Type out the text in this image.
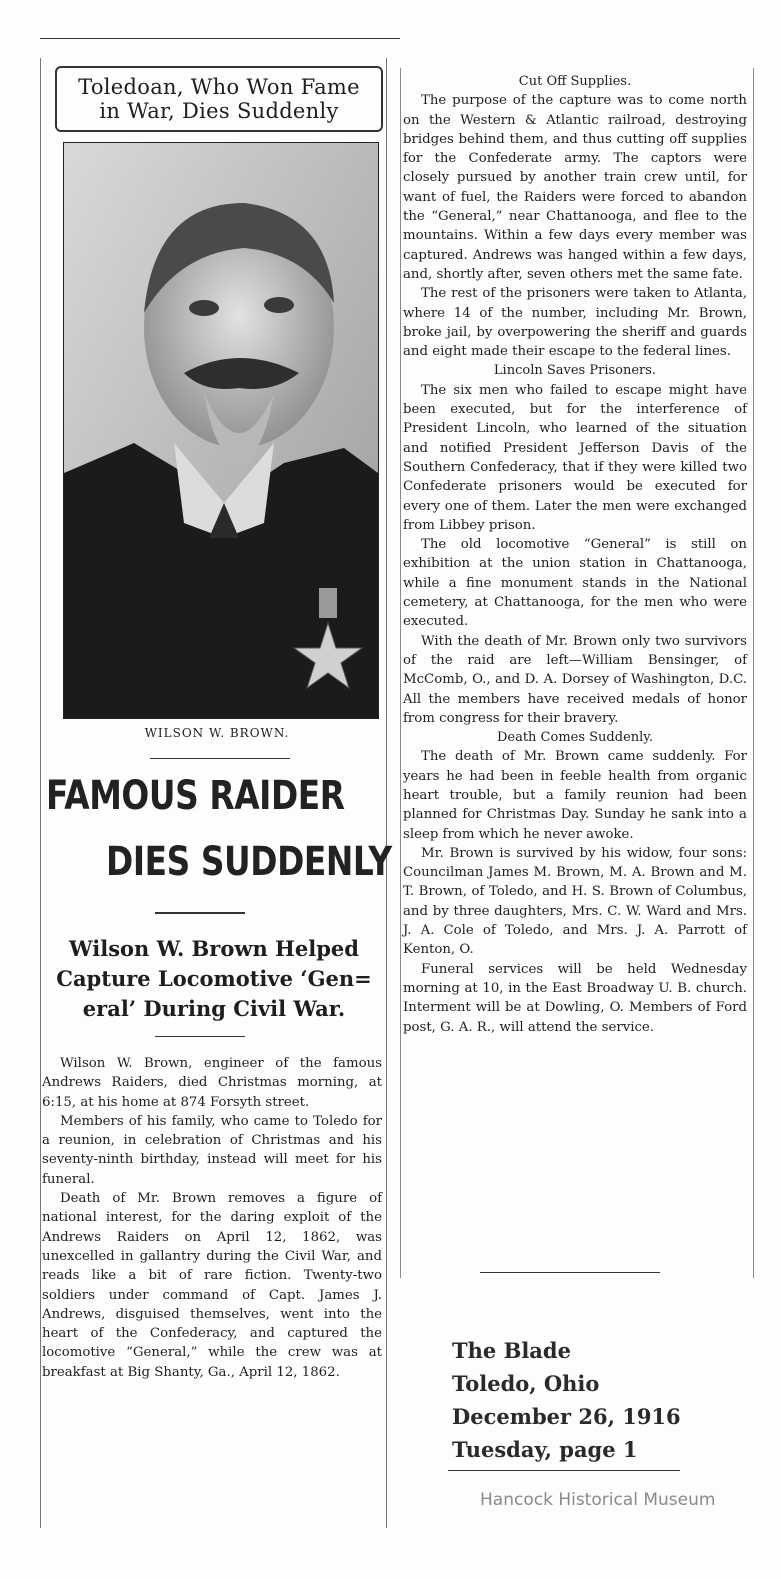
Toledoan, Who Won Fame
in War, Dies Suddenly
WILSON W. BROWN.
FAMOUS RAIDER
DIES SUDDENLY
Wilson W. Brown Helped
Capture Locomotive ‘Gen=
eral’ During Civil War.

Wilson W. Brown, engineer of the famous Andrews Raiders, died Christmas morning, at 6:15, at his home at 874 Forsyth street.

Members of his family, who came to Toledo for a reunion, in celebration of Christmas and his seventy-ninth birthday, instead will meet for his funeral.

Death of Mr. Brown removes a figure of national interest, for the daring exploit of the Andrews Raiders on April 12, 1862, was unexcelled in gallantry during the Civil War, and reads like a bit of rare fiction. Twenty-two soldiers under command of Capt. James J. Andrews, disguised themselves, went into the heart of the Confederacy, and captured the locomotive “General,” while the crew was at breakfast at Big Shanty, Ga., April 12, 1862.

Cut Off Supplies.

The purpose of the capture was to come north on the Western & Atlantic railroad, destroying bridges behind them, and thus cutting off supplies for the Confederate army. The captors were closely pursued by another train crew until, for want of fuel, the Raiders were forced to abandon the “General,” near Chattanooga, and flee to the mountains. Within a few days every member was captured. Andrews was hanged within a few days, and, shortly after, seven others met the same fate.

The rest of the prisoners were taken to Atlanta, where 14 of the number, including Mr. Brown, broke jail, by overpowering the sheriff and guards and eight made their escape to the federal lines.

Lincoln Saves Prisoners.

The six men who failed to escape might have been executed, but for the interference of President Lincoln, who learned of the situation and notified President Jefferson Davis of the Southern Confederacy, that if they were killed two Confederate prisoners would be executed for every one of them. Later the men were exchanged from Libbey prison.

The old locomotive “General” is still on exhibition at the union station in Chattanooga, while a fine monument stands in the National cemetery, at Chattanooga, for the men who were executed.

With the death of Mr. Brown only two survivors of the raid are left—William Bensinger, of McComb, O., and D. A. Dorsey of Washington, D.C. All the members have received medals of honor from congress for their bravery.

Death Comes Suddenly.

The death of Mr. Brown came suddenly. For years he had been in feeble health from organic heart trouble, but a family reunion had been planned for Christmas Day. Sunday he sank into a sleep from which he never awoke.

Mr. Brown is survived by his widow, four sons: Councilman James M. Brown, M. A. Brown and M. T. Brown, of Toledo, and H. S. Brown of Columbus, and by three daughters, Mrs. C. W. Ward and Mrs. J. A. Cole of Toledo, and Mrs. J. A. Parrott of Kenton, O.

Funeral services will be held Wednesday morning at 10, in the East Broadway U. B. church. Interment will be at Dowling, O. Members of Ford post, G. A. R., will attend the service.

The Blade
Toledo, Ohio
December 26, 1916
Tuesday, page 1
Hancock Historical Museum
